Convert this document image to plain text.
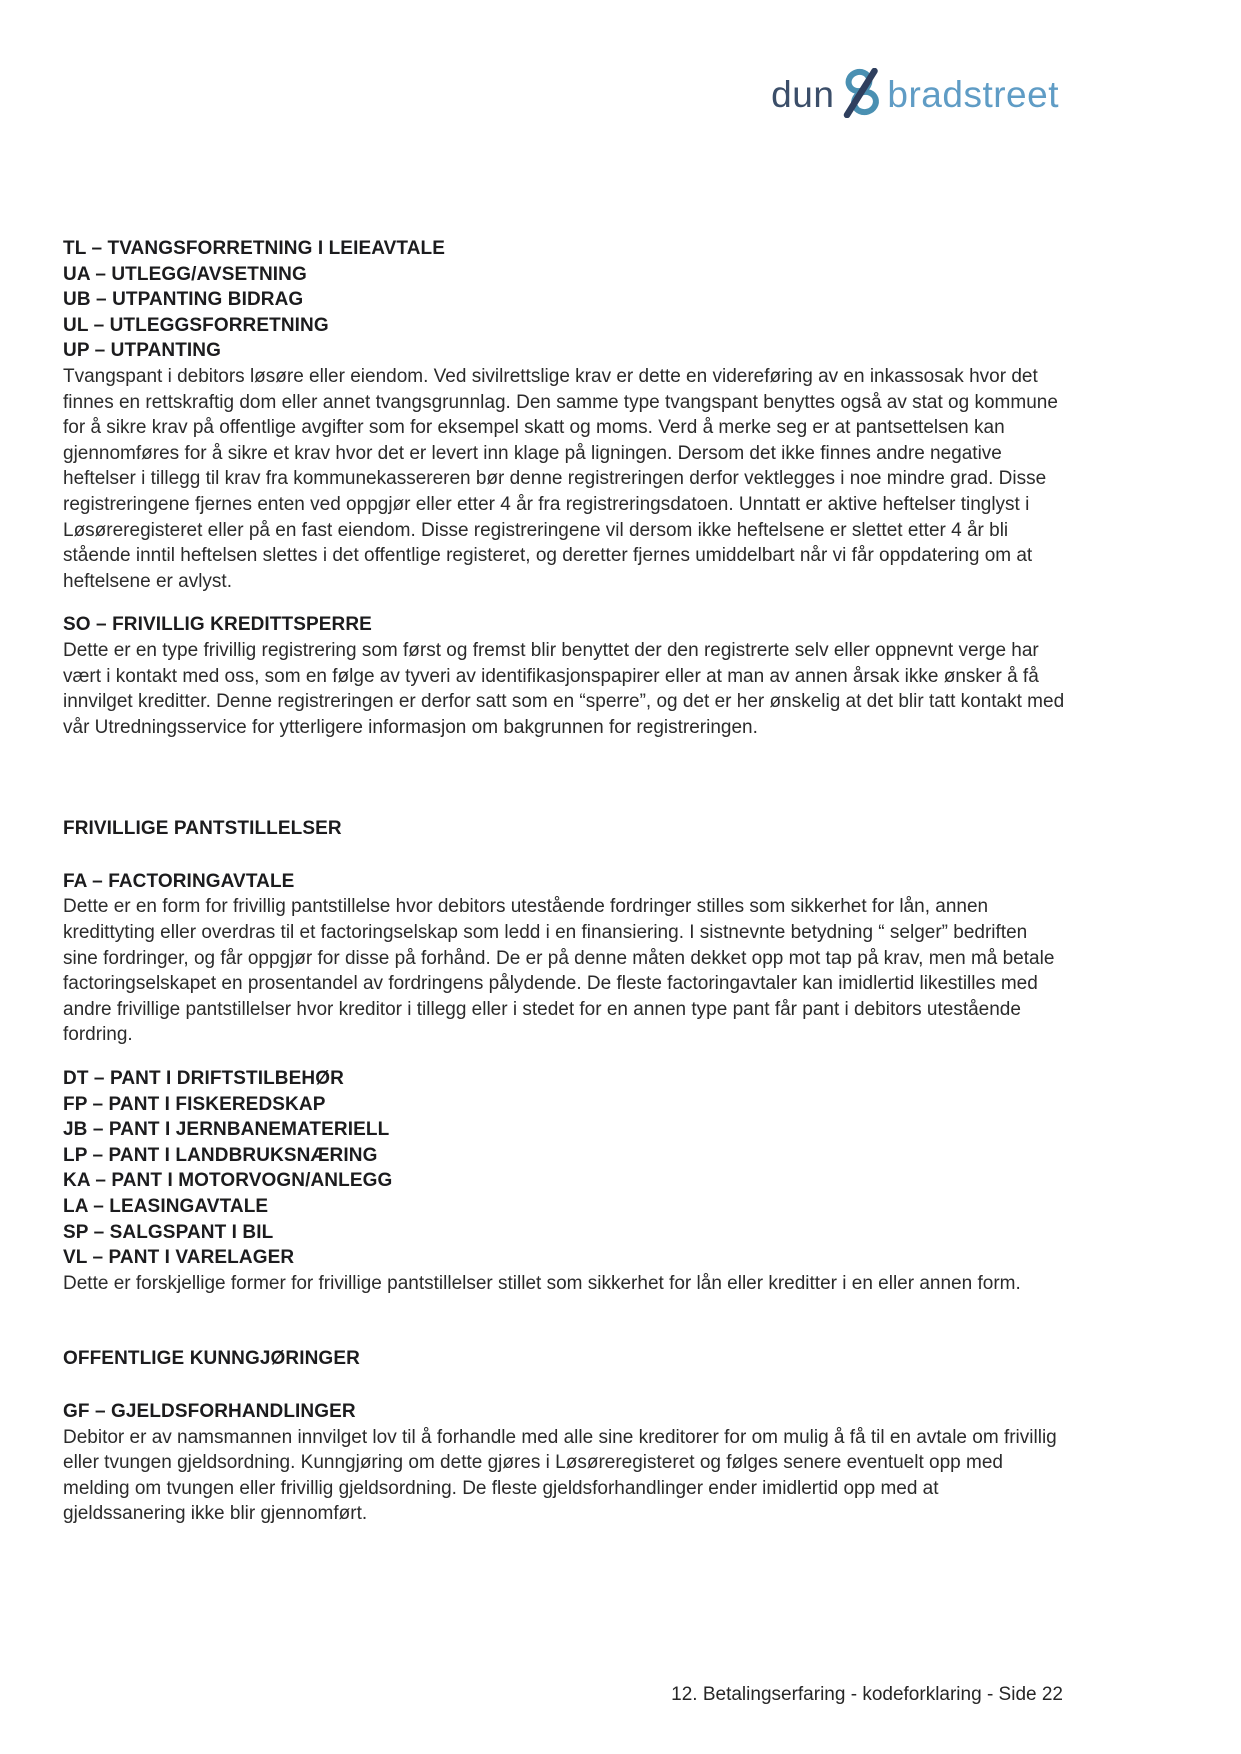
dun bradstreet
TL – TVANGSFORRETNING I LEIEAVTALE
UA – UTLEGG/AVSETNING
UB – UTPANTING BIDRAG
UL – UTLEGGSFORRETNING
UP – UTPANTING
Tvangspant i debitors løsøre eller eiendom. Ved sivilrettslige krav er dette en videreføring av en inkassosak hvor det finnes en rettskraftig dom eller annet tvangsgrunnlag. Den samme type tvangspant benyttes også av stat og kommune for å sikre krav på offentlige avgifter som for eksempel skatt og moms. Verd å merke seg er at pantsettelsen kan gjennomføres for å sikre et krav hvor det er levert inn klage på ligningen. Dersom det ikke finnes andre negative heftelser i tillegg til krav fra kommunekassereren bør denne registreringen derfor vektlegges i noe mindre grad. Disse registreringene fjernes enten ved oppgjør eller etter 4 år fra registreringsdatoen. Unntatt er aktive heftelser tinglyst i Løsøreregisteret eller på en fast eiendom. Disse registreringene vil dersom ikke heftelsene er slettet etter 4 år bli stående inntil heftelsen slettes i det offentlige registeret, og deretter fjernes umiddelbart når vi får oppdatering om at heftelsene er avlyst.
SO – FRIVILLIG KREDITTSPERRE
Dette er en type frivillig registrering som først og fremst blir benyttet der den registrerte selv eller oppnevnt verge har vært i kontakt med oss, som en følge av tyveri av identifikasjonspapirer eller at man av annen årsak ikke ønsker å få innvilget kreditter. Denne registreringen er derfor satt som en “sperre”, og det er her ønskelig at det blir tatt kontakt med vår Utredningsservice for ytterligere informasjon om bakgrunnen for registreringen.
FRIVILLIGE PANTSTILLELSER
FA – FACTORINGAVTALE
Dette er en form for frivillig pantstillelse hvor debitors utestående fordringer stilles som sikkerhet for lån, annen kredittyting eller overdras til et factoringselskap som ledd i en finansiering. I sistnevnte betydning “ selger” bedriften sine fordringer, og får oppgjør for disse på forhånd. De er på denne måten dekket opp mot tap på krav, men må betale factoringselskapet en prosentandel av fordringens pålydende. De fleste factoringavtaler kan imidlertid likestilles med andre frivillige pantstillelser hvor kreditor i tillegg eller i stedet for en annen type pant får pant i debitors utestående fordring.
DT – PANT I DRIFTSTILBEHØR
FP – PANT I FISKEREDSKAP
JB – PANT I JERNBANEMATERIELL
LP – PANT I LANDBRUKSNÆRING
KA – PANT I MOTORVOGN/ANLEGG
LA – LEASINGAVTALE
SP – SALGSPANT I BIL
VL – PANT I VARELAGER
Dette er forskjellige former for frivillige pantstillelser stillet som sikkerhet for lån eller kreditter i en eller annen form.
OFFENTLIGE KUNNGJØRINGER
GF – GJELDSFORHANDLINGER
Debitor er av namsmannen innvilget lov til å forhandle med alle sine kreditorer for om mulig å få til en avtale om frivillig eller tvungen gjeldsordning. Kunngjøring om dette gjøres i Løsøreregisteret og følges senere eventuelt opp med melding om tvungen eller frivillig gjeldsordning. De fleste gjeldsforhandlinger ender imidlertid opp med at gjeldssanering ikke blir gjennomført.
12. Betalingserfaring - kodeforklaring - Side 22
